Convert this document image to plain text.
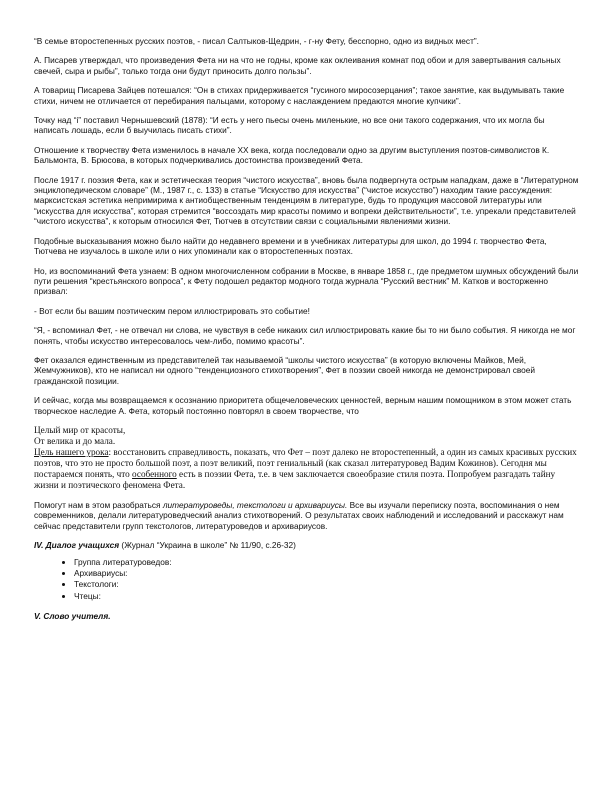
“В семье второстепенных русских поэтов, - писал Салтыков-Щедрин, - г-ну Фету, бесспорно, одно из видных мест”.

А. Писарев утверждал, что произведения Фета ни на что не годны, кроме как оклеивания комнат под обои и для завертывания сальных свечей, сыра и рыбы”, только тогда они будут приносить долго пользы”.

А товарищ Писарева Зайцев потешался: “Он в стихах придерживается “гусиного миросозерцания”; такое занятие, как выдумывать такие стихи, ничем не отличается от перебирания пальцами, которому с наслаждением предаются многие купчики”.

Точку над “i” поставил Чернышевский (1878): “И есть у него пьесы очень миленькие, но все они такого содержания, что их могла бы написать лошадь, если б выучилась писать стихи”.

Отношение к творчеству Фета изменилось в начале XX века, когда последовали одно за другим выступления поэтов-символистов К. Бальмонта, В. Брюсова, в которых подчеркивались достоинства произведений Фета.

После 1917 г. поэзия Фета, как и эстетическая теория “чистого искусства”, вновь была подвергнута острым нападкам, даже в “Литературном энциклопедическом словаре” (М., 1987 г., с. 133) в статье “Искусство для искусства” (“чистое искусство”) находим такие рассуждения: марксистская эстетика непримирима к антиобщественным тенденциям в литературе, будь то продукция массовой литературы или “искусства для искусства”, которая стремится “воссоздать мир красоты помимо и вопреки действительности”, т.е. упрекали представителей “чистого искусства”, к которым относился Фет, Тютчев в отсутствии связи с социальными явлениями жизни.

Подобные высказывания можно было найти до недавнего времени и в учебниках литературы для школ, до 1994 г. творчество Фета, Тютчева не изучалось в школе или о них упоминали как о второстепенных поэтах.

Но, из воспоминаний Фета узнаем: В одном многочисленном собрании в Москве, в январе 1858 г., где предметом шумных обсуждений были пути решения “крестьянского вопроса”, к Фету подошел редактор модного тогда журнала “Русский вестник” М. Катков и восторженно призвал:

- Вот если бы вашим поэтическим пером иллюстрировать это событие!

“Я, - вспоминал Фет, - не отвечал ни слова, не чувствуя в себе никаких сил иллюстрировать какие бы то ни было события. Я никогда не мог понять, чтобы искусство интересовалось чем-либо, помимо красоты”.

Фет оказался единственным из представителей так называемой “школы чистого искусства” (в которую включены Майков, Мей, Жемчужников), кто не написал ни одного “тенденциозного стихотворения”, Фет в поэзии своей никогда не демонстрировал своей гражданской позиции.

И сейчас, когда мы возвращаемся к осознанию приоритета общечеловеческих ценностей, верным нашим помощником в этом может стать творческое наследие А. Фета, который постоянно повторял в своем творчестве, что

Целый мир от красоты,
От велика и до мала.

Цель нашего урока: восстановить справедливость, показать, что Фет – поэт далеко не второстепенный, а один из самых красивых русских поэтов, что это не просто большой поэт, а поэт великий, поэт гениальный (как сказал литературовед Вадим Кожинов). Сегодня мы постараемся понять, что особенного есть в поэзии Фета, т.е. в чем заключается своеобразие стиля поэта. Попробуем разгадать тайну жизни и поэтического феномена Фета.

Помогут нам в этом разобраться литературоведы, текстологи и архивариусы. Все вы изучали переписку поэта, воспоминания о нем современников, делали литературоведческий анализ стихотворений. О результатах своих наблюдений и исследований и расскажут нам сейчас представители групп текстологов, литературоведов и архивариусов.

IV. Диалог учащихся (Журнал “Украина в школе” № 11/90, с.26-32)
• Группа литературоведов:
• Архивариусы:
• Текстологи:
• Чтецы:
V. Слово учителя.
